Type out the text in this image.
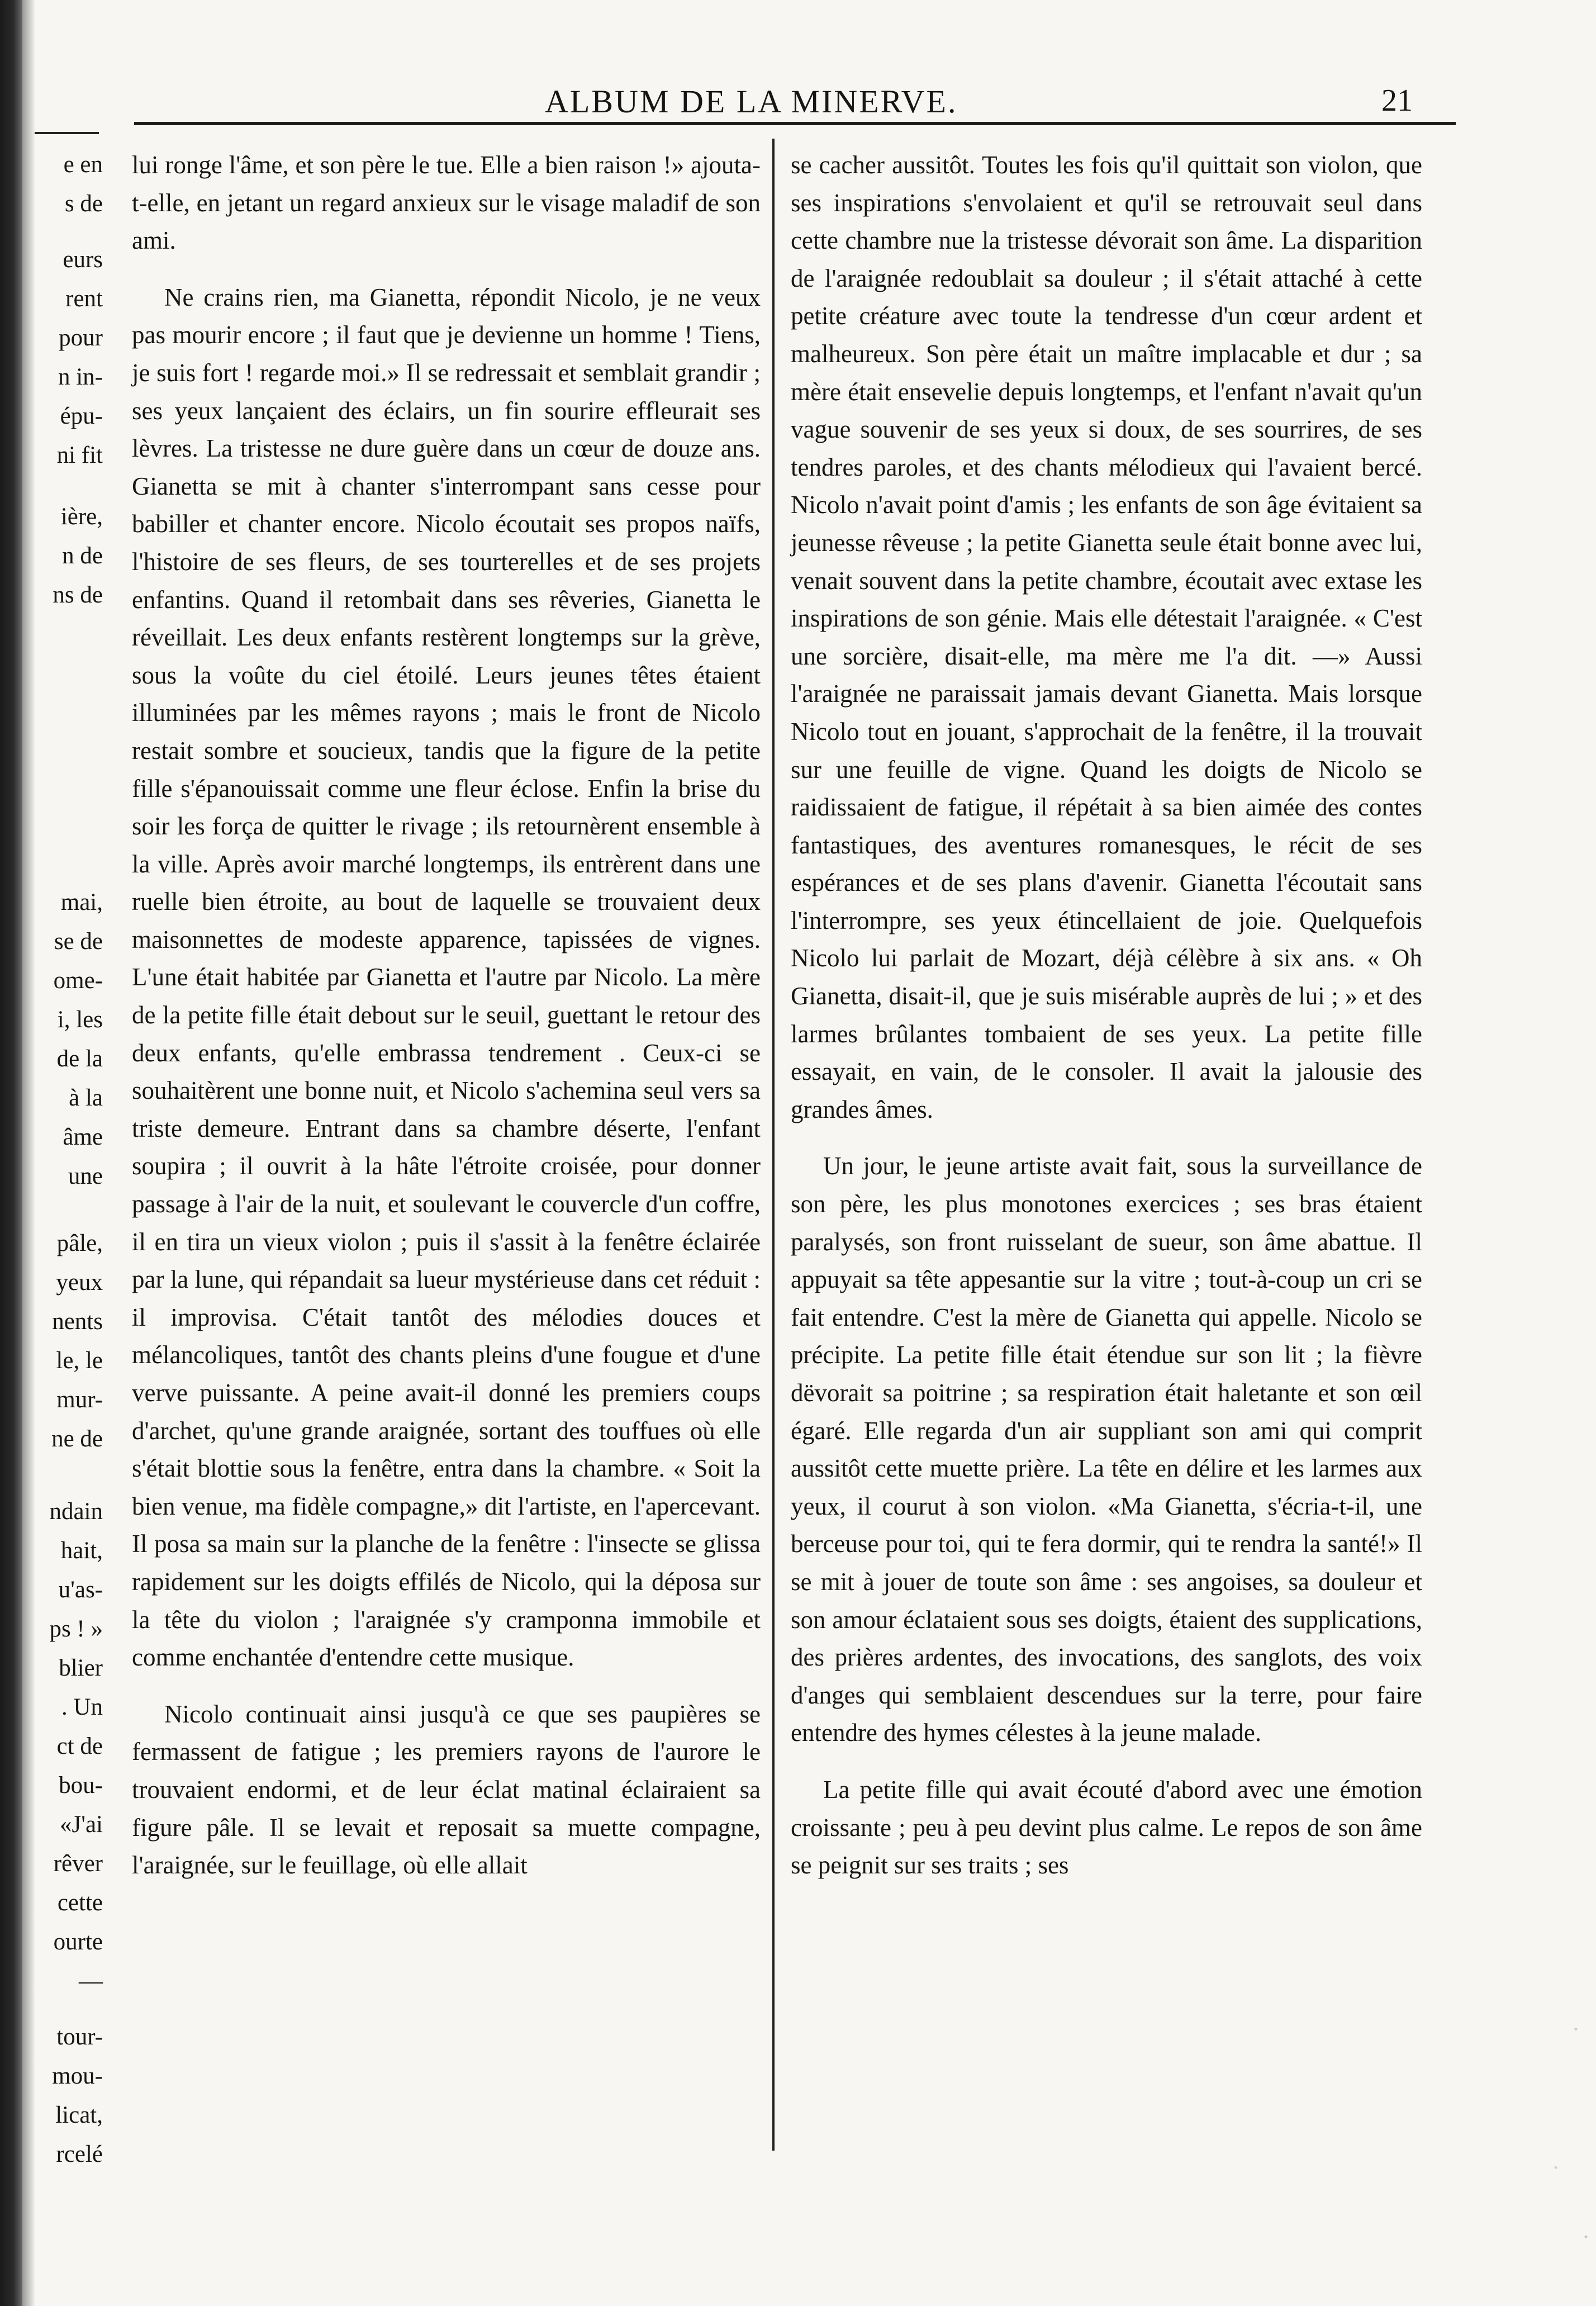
ALBUM DE LA MINERVE.	21
e en
s de
eurs
rent
pour
n in-
épu-
ni fit
ière,
n de
ns de
mai,
se de
ome-
i, les
de la
à la
âme
une
pâle,
yeux
nents
le, le
mur-
ne de
ndain
hait,
u'as-
ps ! »
blier
. Un
ct de
bou-
«J'ai
rêver
cette
ourte
—
tour-
mou-
licat,
rcelé

lui ronge l'âme, et son père le tue. Elle a bien raison !» ajouta-t-elle, en jetant un regard anxieux sur le visage maladif de son ami.

Ne crains rien, ma Gianetta, répondit Nicolo, je ne veux pas mourir encore ; il faut que je devienne un homme ! Tiens, je suis fort ! regarde moi.» Il se redressait et semblait grandir ; ses yeux lançaient des éclairs, un fin sourire effleurait ses lèvres. La tristesse ne dure guère dans un cœur de douze ans. Gianetta se mit à chanter s'interrompant sans cesse pour babiller et chanter encore. Nicolo écoutait ses propos naïfs, l'histoire de ses fleurs, de ses tourterelles et de ses projets enfantins. Quand il retombait dans ses rêveries, Gianetta le réveillait. Les deux enfants restèrent longtemps sur la grève, sous la voûte du ciel étoilé. Leurs jeunes têtes étaient illuminées par les mêmes rayons ; mais le front de Nicolo restait sombre et soucieux, tandis que la figure de la petite fille s'épanouissait comme une fleur éclose. Enfin la brise du soir les força de quitter le rivage ; ils retournèrent ensemble à la ville. Après avoir marché longtemps, ils entrèrent dans une ruelle bien étroite, au bout de laquelle se trouvaient deux maisonnettes de modeste apparence, tapissées de vignes. L'une était habitée par Gianetta et l'autre par Nicolo. La mère de la petite fille était debout sur le seuil, guettant le retour des deux enfants, qu'elle embrassa tendrement . Ceux-ci se souhaitèrent une bonne nuit, et Nicolo s'achemina seul vers sa triste demeure. Entrant dans sa chambre déserte, l'enfant soupira ; il ouvrit à la hâte l'étroite croisée, pour donner passage à l'air de la nuit, et soulevant le couvercle d'un coffre, il en tira un vieux violon ; puis il s'assit à la fenêtre éclairée par la lune, qui répandait sa lueur mystérieuse dans cet réduit : il improvisa. C'était tantôt des mélodies douces et mélancoliques, tantôt des chants pleins d'une fougue et d'une verve puissante. A peine avait-il donné les premiers coups d'archet, qu'une grande araignée, sortant des touffues où elle s'était blottie sous la fenêtre, entra dans la chambre. « Soit la bien venue, ma fidèle compagne,» dit l'artiste, en l'apercevant. Il posa sa main sur la planche de la fenêtre : l'insecte se glissa rapidement sur les doigts effilés de Nicolo, qui la déposa sur la tête du violon ; l'araignée s'y cramponna immobile et comme enchantée d'entendre cette musique.

Nicolo continuait ainsi jusqu'à ce que ses paupières se fermassent de fatigue ; les premiers rayons de l'aurore le trouvaient endormi, et de leur éclat matinal éclairaient sa figure pâle. Il se levait et reposait sa muette compagne, l'araignée, sur le feuillage, où elle allait

se cacher aussitôt. Toutes les fois qu'il quittait son violon, que ses inspirations s'envolaient et qu'il se retrouvait seul dans cette chambre nue la tristesse dévorait son âme. La disparition de l'araignée redoublait sa douleur ; il s'était attaché à cette petite créature avec toute la tendresse d'un cœur ardent et malheureux. Son père était un maître implacable et dur ; sa mère était ensevelie depuis longtemps, et l'enfant n'avait qu'un vague souvenir de ses yeux si doux, de ses sourrires, de ses tendres paroles, et des chants mélodieux qui l'avaient bercé. Nicolo n'avait point d'amis ; les enfants de son âge évitaient sa jeunesse rêveuse ; la petite Gianetta seule était bonne avec lui, venait souvent dans la petite chambre, écoutait avec extase les inspirations de son génie. Mais elle détestait l'araignée. « C'est une sorcière, disait-elle, ma mère me l'a dit. —» Aussi l'araignée ne paraissait jamais devant Gianetta. Mais lorsque Nicolo tout en jouant, s'approchait de la fenêtre, il la trouvait sur une feuille de vigne. Quand les doigts de Nicolo se raidissaient de fatigue, il répétait à sa bien aimée des contes fantastiques, des aventures romanesques, le récit de ses espérances et de ses plans d'avenir. Gianetta l'écoutait sans l'interrompre, ses yeux étincellaient de joie. Quelquefois Nicolo lui parlait de Mozart, déjà célèbre à six ans. « Oh Gianetta, disait-il, que je suis misérable auprès de lui ; » et des larmes brûlantes tombaient de ses yeux. La petite fille essayait, en vain, de le consoler. Il avait la jalousie des grandes âmes.

Un jour, le jeune artiste avait fait, sous la surveillance de son père, les plus monotones exercices ; ses bras étaient paralysés, son front ruisselant de sueur, son âme abattue. Il appuyait sa tête appesantie sur la vitre ; tout-à-coup un cri se fait entendre. C'est la mère de Gianetta qui appelle. Nicolo se précipite. La petite fille était étendue sur son lit ; la fièvre dëvorait sa poitrine ; sa respiration était haletante et son œil égaré. Elle regarda d'un air suppliant son ami qui comprit aussitôt cette muette prière. La tête en délire et les larmes aux yeux, il courut à son violon. «Ma Gianetta, s'écria-t-il, une berceuse pour toi, qui te fera dormir, qui te rendra la santé!» Il se mit à jouer de toute son âme : ses angoises, sa douleur et son amour éclataient sous ses doigts, étaient des supplications, des prières ardentes, des invocations, des sanglots, des voix d'anges qui semblaient descendues sur la terre, pour faire entendre des hymes célestes à la jeune malade.

La petite fille qui avait écouté d'abord avec une émotion croissante ; peu à peu devint plus calme. Le repos de son âme se peignit sur ses traits ; ses
